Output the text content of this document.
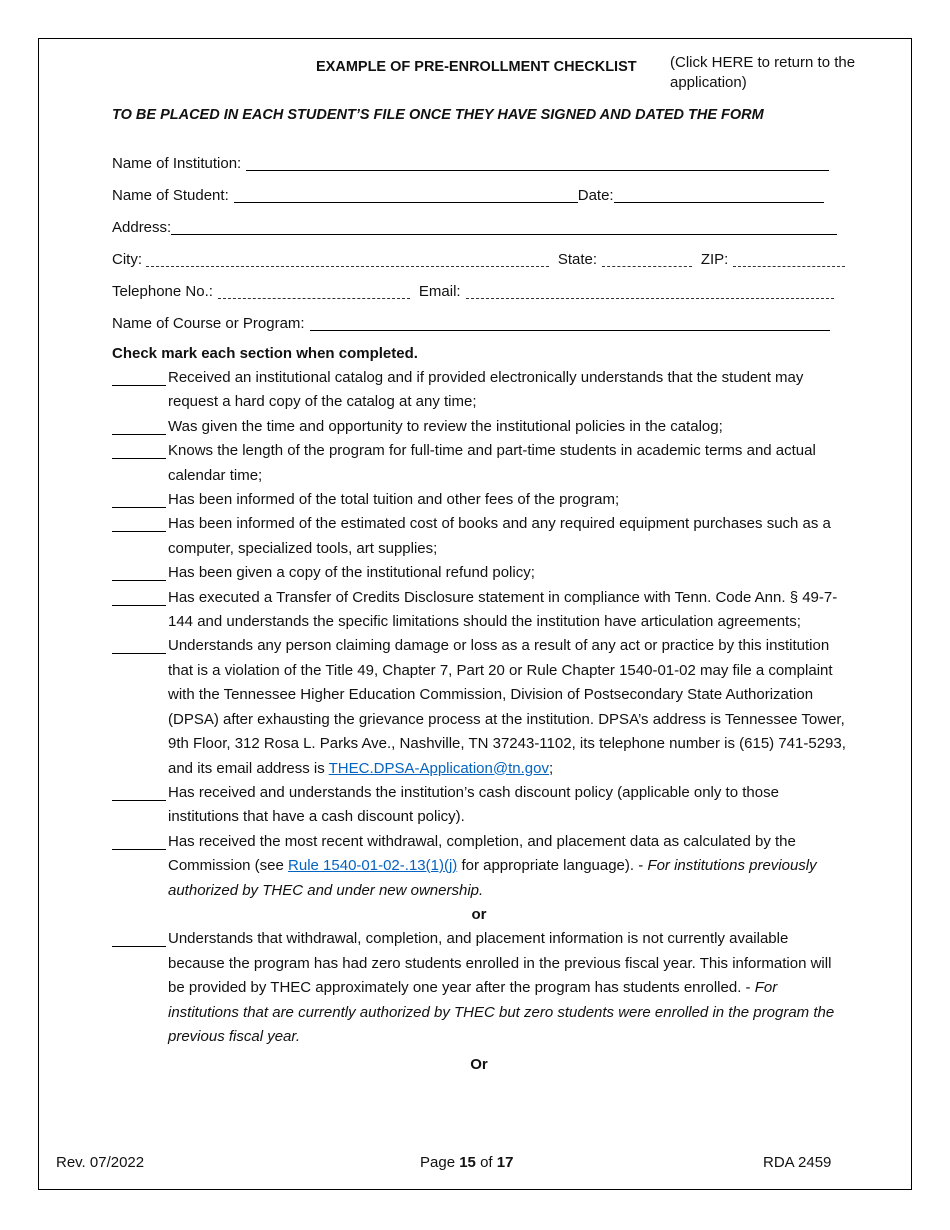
EXAMPLE OF PRE-ENROLLMENT CHECKLIST (Click HERE to return to the application)
TO BE PLACED IN EACH STUDENT’S FILE ONCE THEY HAVE SIGNED AND DATED THE FORM
Name of Institution:
Name of Student:	Date:
Address:
City:	State:	ZIP:
Telephone No.:	Email:
Name of Course or Program:
Check mark each section when completed.
Received an institutional catalog and if provided electronically understands that the student may request a hard copy of the catalog at any time;
Was given the time and opportunity to review the institutional policies in the catalog;
Knows the length of the program for full-time and part-time students in academic terms and actual calendar time;
Has been informed of the total tuition and other fees of the program;
Has been informed of the estimated cost of books and any required equipment purchases such as a computer, specialized tools, art supplies;
Has been given a copy of the institutional refund policy;
Has executed a Transfer of Credits Disclosure statement in compliance with Tenn. Code Ann. § 49-7- 144 and understands the specific limitations should the institution have articulation agreements;
Understands any person claiming damage or loss as a result of any act or practice by this institution that is a violation of the Title 49, Chapter 7, Part 20 or Rule Chapter 1540-01-02 may file a complaint with the Tennessee Higher Education Commission, Division of Postsecondary State Authorization (DPSA) after exhausting the grievance process at the institution. DPSA’s address is Tennessee Tower, 9th Floor, 312 Rosa L. Parks Ave., Nashville, TN 37243-1102, its telephone number is (615) 741-5293, and its email address is THEC.DPSA-Application@tn.gov;
Has received and understands the institution’s cash discount policy (applicable only to those institutions that have a cash discount policy).
Has received the most recent withdrawal, completion, and placement data as calculated by the Commission (see Rule 1540-01-02-.13(1)(j) for appropriate language). - For institutions previously authorized by THEC and under new ownership.
or
Understands that withdrawal, completion, and placement information is not currently available because the program has had zero students enrolled in the previous fiscal year. This information will be provided by THEC approximately one year after the program has students enrolled. - For institutions that are currently authorized by THEC but zero students were enrolled in the program the previous fiscal year.
Or
Rev. 07/2022	Page 15 of 17	RDA 2459
